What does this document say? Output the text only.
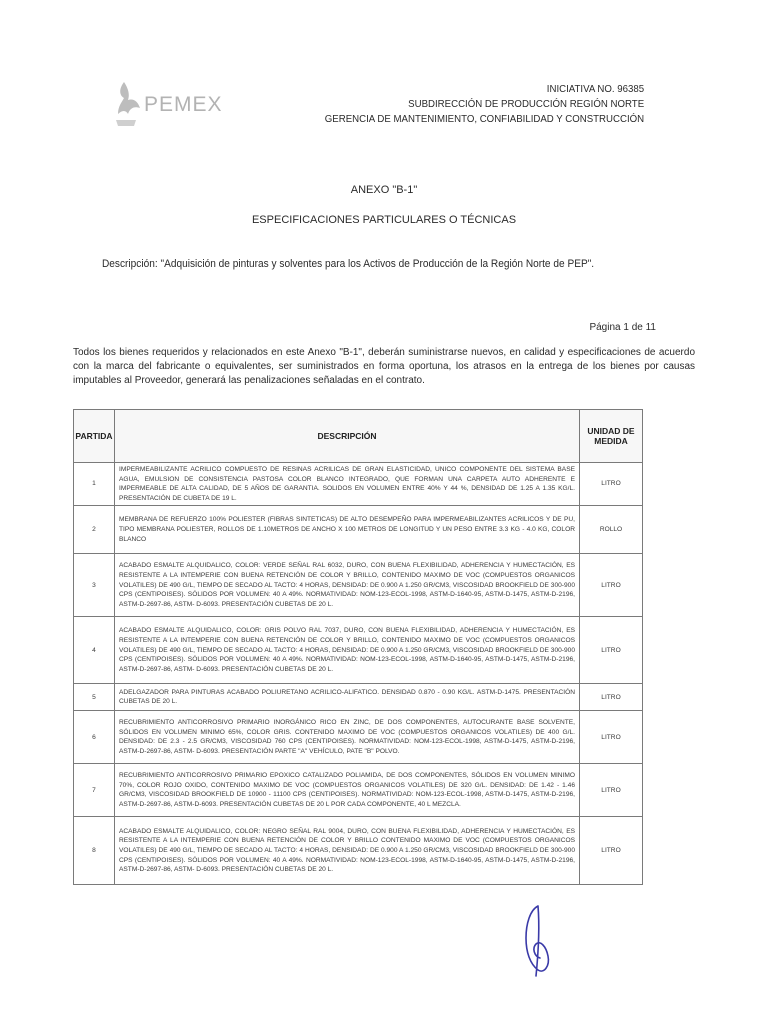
PEMEX
INICIATIVA NO. 96385
SUBDIRECCIÓN DE PRODUCCIÓN REGIÓN NORTE
GERENCIA DE MANTENIMIENTO, CONFIABILIDAD Y CONSTRUCCIÓN
ANEXO "B-1"
ESPECIFICACIONES PARTICULARES O TÉCNICAS
Descripción: "Adquisición de pinturas y solventes para los Activos de Producción de la Región Norte de PEP".
Página 1 de 11
Todos los bienes requeridos y relacionados en este Anexo "B-1", deberán suministrarse nuevos, en calidad y especificaciones de acuerdo con la marca del fabricante o equivalentes, ser suministrados en forma oportuna, los atrasos en la entrega de los bienes por causas imputables al Proveedor, generará las penalizaciones señaladas en el contrato.
PARTIDA	DESCRIPCIÓN	UNIDAD DE MEDIDA
1	IMPERMEABILIZANTE ACRILICO COMPUESTO DE RESINAS ACRILICAS DE GRAN ELASTICIDAD, UNICO COMPONENTE DEL SISTEMA BASE AGUA, EMULSION DE CONSISTENCIA PASTOSA COLOR BLANCO INTEGRADO, QUE FORMAN UNA CARPETA AUTO ADHERENTE E IMPERMEABLE DE ALTA CALIDAD, DE 5 AÑOS DE GARANTIA. SOLIDOS EN VOLUMEN ENTRE 40% Y 44 %, DENSIDAD DE 1.25 A 1.35 KG/L. PRESENTACIÓN DE CUBETA DE 19 L.	LITRO
2	MEMBRANA DE REFUERZO 100% POLIESTER (FIBRAS SINTETICAS) DE ALTO DESEMPEÑO PARA IMPERMEABILIZANTES ACRILICOS Y DE PU, TIPO MEMBRANA POLIESTER, ROLLOS DE 1.10METROS DE ANCHO X 100 METROS DE LONGITUD Y UN PESO ENTRE 3.3 KG - 4.0 KG, COLOR BLANCO	ROLLO
3	ACABADO ESMALTE ALQUIDALICO, COLOR: VERDE SEÑAL RAL 6032, DURO, CON BUENA FLEXIBILIDAD, ADHERENCIA Y HUMECTACIÓN, ES RESISTENTE A LA INTEMPERIE CON BUENA RETENCIÓN DE COLOR Y BRILLO, CONTENIDO MAXIMO DE VOC (COMPUESTOS ORGANICOS VOLATILES) DE 490 G/L, TIEMPO DE SECADO AL TACTO: 4 HORAS, DENSIDAD: DE 0.900 A 1.250 GR/CM3, VISCOSIDAD BROOKFIELD DE 300-900 CPS (CENTIPOISES). SÓLIDOS POR VOLUMEN: 40 A 49%. NORMATIVIDAD: NOM-123-ECOL-1998, ASTM-D-1640-95, ASTM-D-1475, ASTM-D-2196, ASTM-D-2697-86, ASTM- D-6093. PRESENTACIÓN CUBETAS DE 20 L.	LITRO
4	ACABADO ESMALTE ALQUIDALICO, COLOR: GRIS POLVO RAL 7037, DURO, CON BUENA FLEXIBILIDAD, ADHERENCIA Y HUMECTACIÓN, ES RESISTENTE A LA INTEMPERIE CON BUENA RETENCIÓN DE COLOR Y BRILLO, CONTENIDO MAXIMO DE VOC (COMPUESTOS ORGANICOS VOLATILES) DE 490 G/L, TIEMPO DE SECADO AL TACTO: 4 HORAS, DENSIDAD: DE 0.900 A 1.250 GR/CM3, VISCOSIDAD BROOKFIELD DE 300-900 CPS (CENTIPOISES). SÓLIDOS POR VOLUMEN: 40 A 49%. NORMATIVIDAD: NOM-123-ECOL-1998, ASTM-D-1640-95, ASTM-D-1475, ASTM-D-2196, ASTM-D-2697-86, ASTM- D-6093. PRESENTACIÓN CUBETAS DE 20 L.	LITRO
5	ADELGAZADOR PARA PINTURAS ACABADO POLIURETANO ACRILICO-ALIFATICO. DENSIDAD 0.870 - 0.90 KG/L. ASTM-D-1475. PRESENTACIÓN CUBETAS DE 20 L.	LITRO
6	RECUBRIMIENTO ANTICORROSIVO PRIMARIO INORGÁNICO RICO EN ZINC, DE DOS COMPONENTES, AUTOCURANTE BASE SOLVENTE, SÓLIDOS EN VOLUMEN MINIMO 65%, COLOR GRIS. CONTENIDO MAXIMO DE VOC (COMPUESTOS ORGANICOS VOLATILES) DE 400 G/L. DENSIDAD: DE 2.3 - 2.5 GR/CM3, VISCOSIDAD 760 CPS (CENTIPOISES). NORMATIVIDAD: NOM-123-ECOL-1998, ASTM-D-1475, ASTM-D-2196, ASTM-D-2697-86, ASTM- D-6093. PRESENTACIÓN PARTE "A" VEHÍCULO, PATE "B" POLVO.	LITRO
7	RECUBRIMIENTO ANTICORROSIVO PRIMARIO EPOXICO CATALIZADO POLIAMIDA, DE DOS COMPONENTES, SÓLIDOS EN VOLUMEN MINIMO 70%, COLOR ROJO OXIDO, CONTENIDO MAXIMO DE VOC (COMPUESTOS ORGANICOS VOLATILES) DE 320 G/L. DENSIDAD: DE 1.42 - 1.46 GR/CM3, VISCOSIDAD BROOKFIELD DE 10900 - 11100 CPS (CENTIPOISES). NORMATIVIDAD: NOM-123-ECOL-1998, ASTM-D-1475, ASTM-D-2196, ASTM-D-2697-86, ASTM-D-6093. PRESENTACIÓN CUBETAS DE 20 L POR CADA COMPONENTE, 40 L MEZCLA.	LITRO
8	ACABADO ESMALTE ALQUIDALICO, COLOR: NEGRO SEÑAL RAL 9004, DURO, CON BUENA FLEXIBILIDAD, ADHERENCIA Y HUMECTACIÓN, ES RESISTENTE A LA INTEMPERIE CON BUENA RETENCIÓN DE COLOR Y BRILLO CONTENIDO MAXIMO DE VOC (COMPUESTOS ORGANICOS VOLATILES) DE 490 G/L, TIEMPO DE SECADO AL TACTO: 4 HORAS, DENSIDAD: DE 0.900 A 1.250 GR/CM3, VISCOSIDAD BROOKFIELD DE 300-900 CPS (CENTIPOISES). SÓLIDOS POR VOLUMEN: 40 A 49%. NORMATIVIDAD: NOM-123-ECOL-1998, ASTM-D-1640-95, ASTM-D-1475, ASTM-D-2196, ASTM-D-2697-86, ASTM- D-6093. PRESENTACIÓN CUBETAS DE 20 L.	LITRO
